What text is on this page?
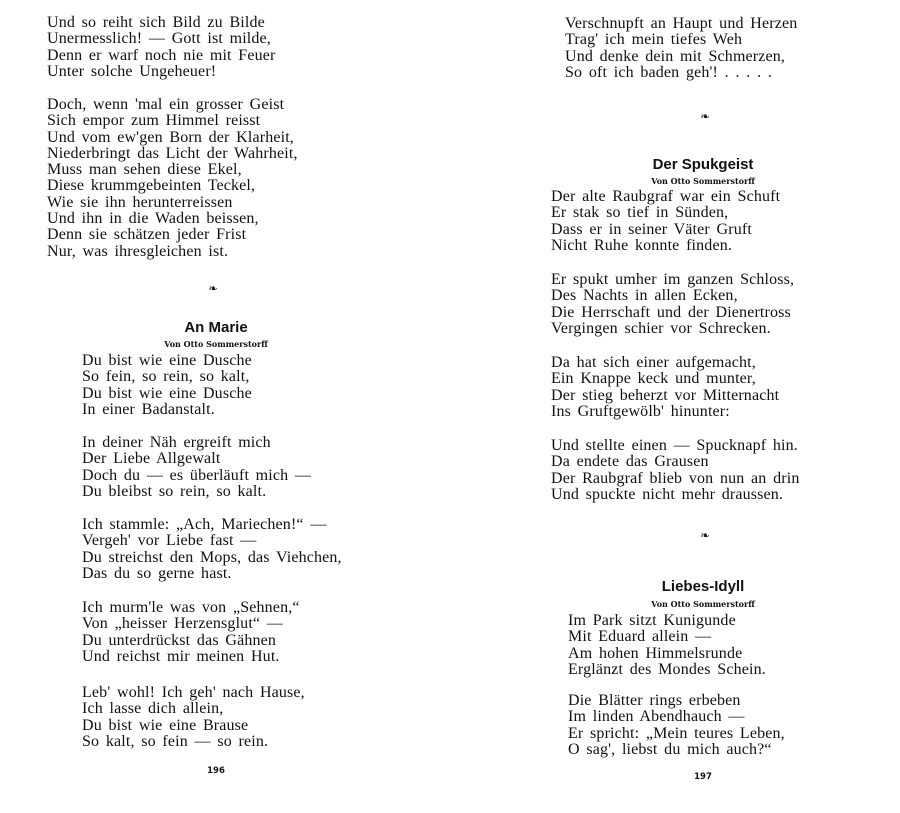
An Marie
Von Otto Sommerstorff
❧
196
Und so reiht sich Bild zu Bilde
Unermesslich! — Gott ist milde,
Denn er warf noch nie mit Feuer
Unter solche Ungeheuer!
Doch, wenn 'mal ein grosser Geist
Sich empor zum Himmel reisst
Und vom ew'gen Born der Klarheit,
Niederbringt das Licht der Wahrheit,
Muss man sehen diese Ekel,
Diese krummgebeinten Teckel,
Wie sie ihn herunterreissen
Und ihn in die Waden beissen,
Denn sie schätzen jeder Frist
Nur, was ihresgleichen ist.
Du bist wie eine Dusche
So fein, so rein, so kalt,
Du bist wie eine Dusche
In einer Badanstalt.
In deiner Näh ergreift mich
Der Liebe Allgewalt
Doch du — es überläuft mich —
Du bleibst so rein, so kalt.
Ich stammle: „Ach, Mariechen!“ —
Vergeh' vor Liebe fast —
Du streichst den Mops, das Viehchen,
Das du so gerne hast.
Ich murm'le was von „Sehnen,“
Von „heisser Herzensglut“ —
Du unterdrückst das Gähnen
Und reichst mir meinen Hut.
Leb' wohl! Ich geh' nach Hause,
Ich lasse dich allein,
Du bist wie eine Brause
So kalt, so fein — so rein.
❧
Der Spukgeist
Von Otto Sommerstorff
❧
Liebes-Idyll
Von Otto Sommerstorff
197
Verschnupft an Haupt und Herzen
Trag' ich mein tiefes Weh
Und denke dein mit Schmerzen,
So oft ich baden geh'! . . . . .
Der alte Raubgraf war ein Schuft
Er stak so tief in Sünden,
Dass er in seiner Väter Gruft
Nicht Ruhe konnte finden.
Er spukt umher im ganzen Schloss,
Des Nachts in allen Ecken,
Die Herrschaft und der Dienertross
Vergingen schier vor Schrecken.
Da hat sich einer aufgemacht,
Ein Knappe keck und munter,
Der stieg beherzt vor Mitternacht
Ins Gruftgewölb' hinunter:
Und stellte einen — Spucknapf hin.
Da endete das Grausen
Der Raubgraf blieb von nun an drin
Und spuckte nicht mehr draussen.
Im Park sitzt Kunigunde
Mit Eduard allein —
Am hohen Himmelsrunde
Erglänzt des Mondes Schein.
Die Blätter rings erbeben
Im linden Abendhauch —
Er spricht: „Mein teures Leben,
O sag', liebst du mich auch?“
